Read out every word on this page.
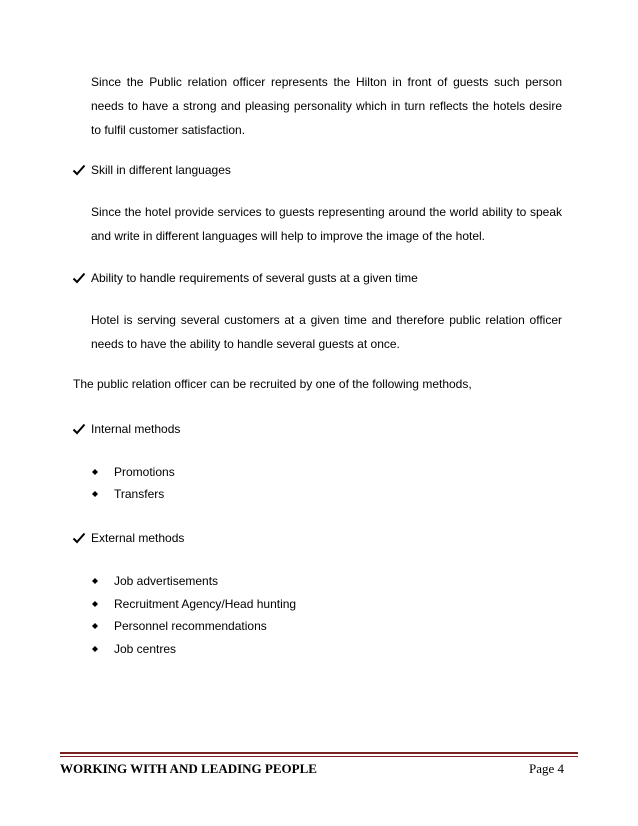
Since the Public relation officer represents the Hilton in front of guests such person needs to have a strong and pleasing personality which in turn reflects the hotels desire to fulfil customer satisfaction.
Skill in different languages
Since the hotel provide services to guests representing around the world ability to speak and write in different languages will help to improve the image of the hotel.
Ability to handle requirements of several gusts at a given time
Hotel is serving several customers at a given time and therefore public relation officer needs to have the ability to handle several guests at once.
The public relation officer can be recruited by one of the following methods,
Internal methods
Promotions
Transfers
External methods
Job advertisements
Recruitment Agency/Head hunting
Personnel recommendations
Job centres
WORKING WITH AND LEADING PEOPLE	Page 4
